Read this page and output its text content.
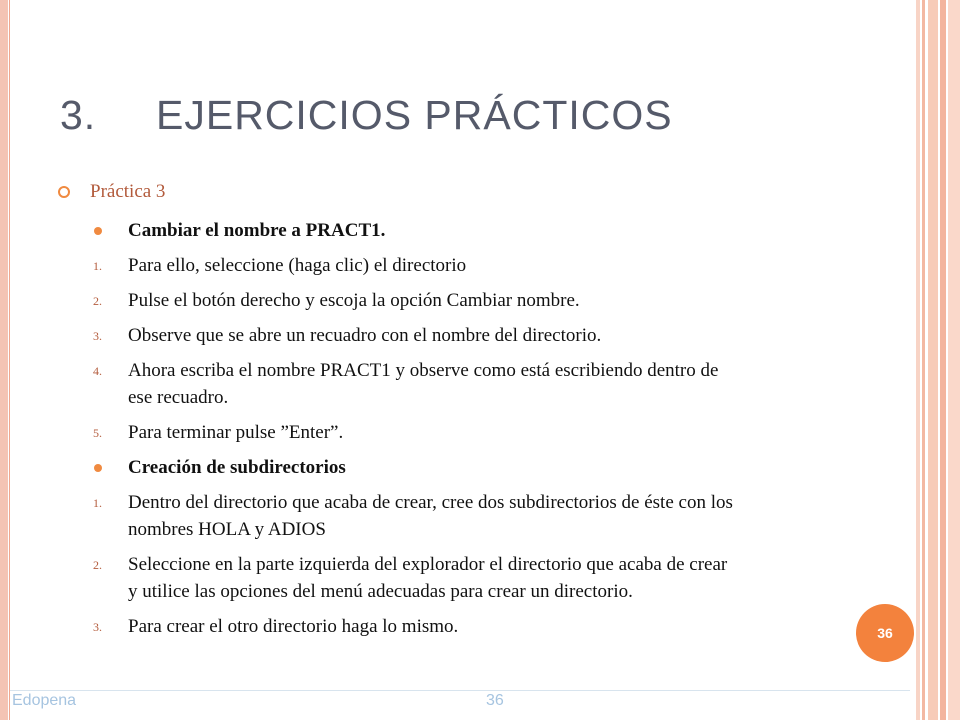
3. EJERCICIOS PRÁCTICOS
Práctica 3
Cambiar el nombre a PRACT1.
1. Para ello, seleccione (haga clic) el directorio
2. Pulse el botón derecho y escoja la opción Cambiar nombre.
3. Observe que se abre un recuadro con el nombre del directorio.
4. Ahora escriba el nombre PRACT1 y observe como está escribiendo dentro de
ese recuadro.
5. Para terminar pulse ”Enter”.
Creación de subdirectorios
1. Dentro del directorio que acaba de crear, cree dos subdirectorios de éste con los
nombres HOLA y ADIOS
2. Seleccione en la parte izquierda del explorador el directorio que acaba de crear
y utilice las opciones del menú adecuadas para crear un directorio.
3. Para crear el otro directorio haga lo mismo.	36
Edopena	36
